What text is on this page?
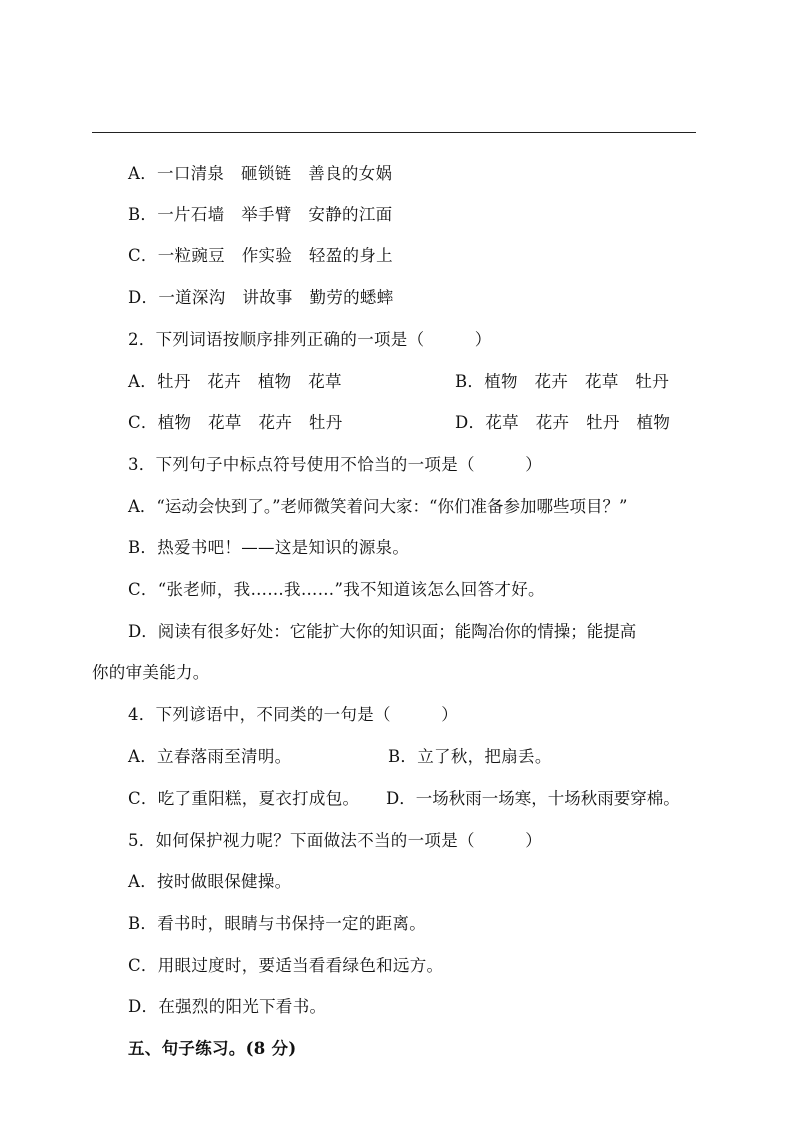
A．一口清泉　砸锁链　善良的女娲
B．一片石墙　举手臂　安静的江面
C．一粒豌豆　作实验　轻盈的身上
D．一道深沟　讲故事　勤劳的蟋蟀
2．下列词语按顺序排列正确的一项是（　　　）
A．牡丹　花卉　植物　花草	B．植物　花卉　花草　牡丹
C．植物　花草　花卉　牡丹	D．花草　花卉　牡丹　植物
3．下列句子中标点符号使用不恰当的一项是（　　　）
A．“运动会快到了。”老师微笑着问大家：“你们准备参加哪些项目？”
B．热爱书吧！——这是知识的源泉。
C．“张老师，我……我……”我不知道该怎么回答才好。
D．阅读有很多好处：它能扩大你的知识面；能陶冶你的情操；能提高
你的审美能力。
4．下列谚语中，不同类的一句是（　　　）
A．立春落雨至清明。	B．立了秋，把扇丢。
C．吃了重阳糕，夏衣打成包。 D．一场秋雨一场寒，十场秋雨要穿棉。
5．如何保护视力呢？下面做法不当的一项是（　　　）
A．按时做眼保健操。
B．看书时，眼睛与书保持一定的距离。
C．用眼过度时，要适当看看绿色和远方。
D．在强烈的阳光下看书。
五、句子练习。(8 分)
